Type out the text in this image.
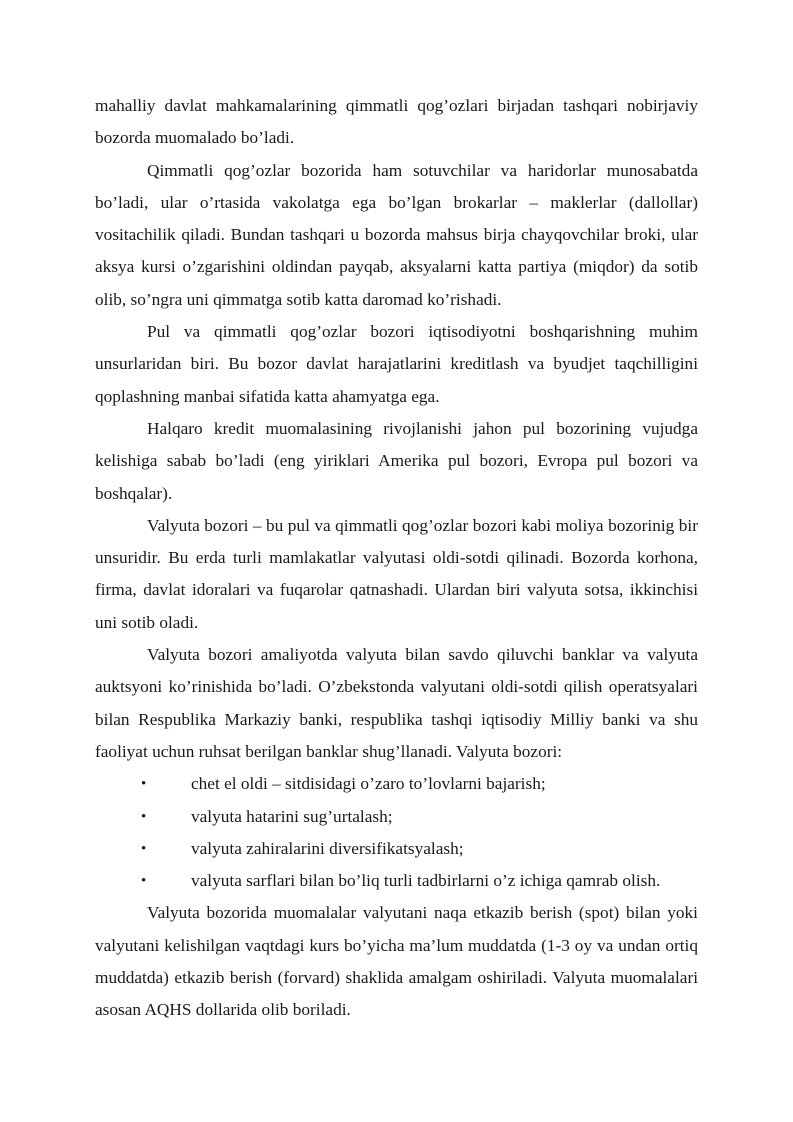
mahalliy davlat mahkamalarining qimmatli qog’ozlari birjadan tashqari nobirjaviy bozorda muomalado bo’ladi.

Qimmatli qog’ozlar bozorida ham sotuvchilar va haridorlar munosabatda bo’ladi, ular o’rtasida vakolatga ega bo’lgan brokarlar – maklerlar (dallollar) vositachilik qiladi. Bundan tashqari u bozorda mahsus birja chayqovchilar broki, ular aksya kursi o’zgarishini oldindan payqab, aksyalarni katta partiya (miqdor) da sotib olib, so’ngra uni qimmatga sotib katta daromad ko’rishadi.

Pul va qimmatli qog’ozlar bozori iqtisodiyotni boshqarishning muhim unsurlaridan biri. Bu bozor davlat harajatlarini kreditlash va byudjet taqchilligini qoplashning manbai sifatida katta ahamyatga ega.

Halqaro kredit muomalasining rivojlanishi jahon pul bozorining vujudga kelishiga sabab bo’ladi (eng yiriklari Amerika pul bozori, Evropa pul bozori va boshqalar).

Valyuta bozori – bu pul va qimmatli qog’ozlar bozori kabi moliya bozorinig bir unsuridir. Bu erda turli mamlakatlar valyutasi oldi-sotdi qilinadi. Bozorda korhona, firma, davlat idoralari va fuqarolar qatnashadi. Ulardan biri valyuta sotsa, ikkinchisi uni sotib oladi.

Valyuta bozori amaliyotda valyuta bilan savdo qiluvchi banklar va valyuta auktsyoni ko’rinishida bo’ladi. O’zbekstonda valyutani oldi-sotdi qilish operatsyalari bilan Respublika Markaziy banki, respublika tashqi iqtisodiy Milliy banki va shu faoliyat uchun ruhsat berilgan banklar shug’llanadi. Valyuta bozori:

•	chet el oldi – sitdisidagi o’zaro to’lovlarni bajarish;
•	valyuta hatarini sug’urtalash;
•	valyuta zahiralarini diversifikatsyalash;
•	valyuta sarflari bilan bo’liq turli tadbirlarni o’z ichiga qamrab olish.

Valyuta bozorida muomalalar valyutani naqa etkazib berish (spot) bilan yoki valyutani kelishilgan vaqtdagi kurs bo’yicha ma’lum muddatda (1-3 oy va undan ortiq muddatda) etkazib berish (forvard) shaklida amalgam oshiriladi. Valyuta muomalalari asosan AQHS dollarida olib boriladi.
